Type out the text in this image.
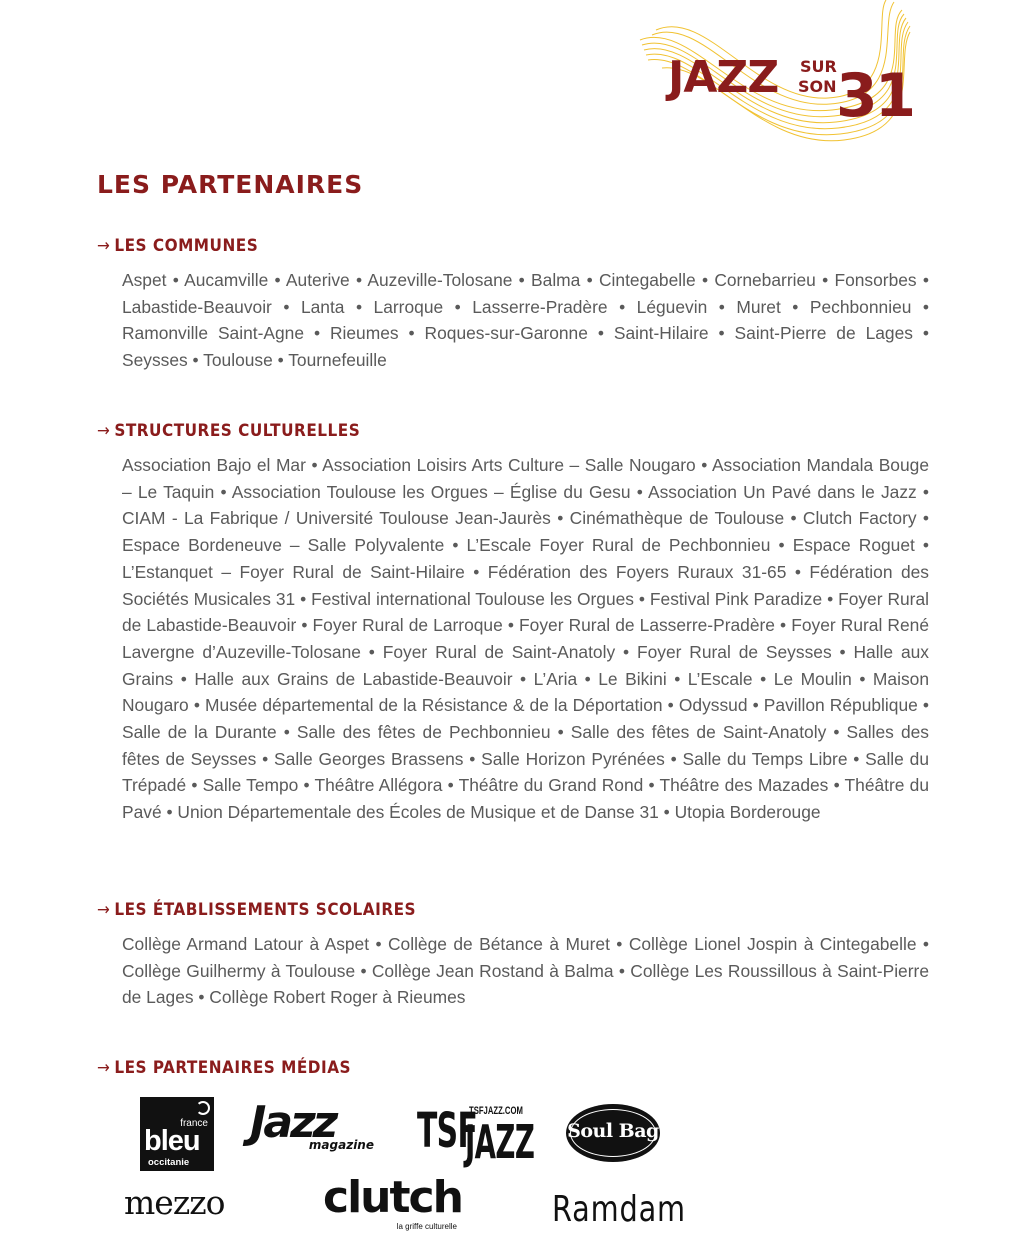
JAZZ SUR
SON 31
LES PARTENAIRES
→ LES COMMUNES

Aspet • Aucamville • Auterive • Auzeville-Tolosane • Balma • Cintegabelle • Cornebarrieu • Fonsorbes • Labastide-Beauvoir • Lanta • Larroque • Lasserre-Pradère • Léguevin • Muret • Pechbonnieu • Ramonville Saint-Agne • Rieumes • Roques-sur-Garonne • Saint-Hilaire • Saint-Pierre de Lages • Seysses • Toulouse • Tournefeuille

→ STRUCTURES CULTURELLES

Association Bajo el Mar • Association Loisirs Arts Culture – Salle Nougaro • Association Mandala Bouge – Le Taquin • Association Toulouse les Orgues – Église du Gesu • Association Un Pavé dans le Jazz • CIAM - La Fabrique / Université Toulouse Jean-Jaurès • Cinémathèque de Toulouse • Clutch Factory • Espace Bordeneuve – Salle Polyvalente • L’Escale Foyer Rural de Pechbonnieu • Espace Roguet • L’Estanquet – Foyer Rural de Saint-Hilaire • Fédération des Foyers Ruraux 31-65 • Fédération des Sociétés Musicales 31 • Festival international Toulouse les Orgues • Festival Pink Paradize • Foyer Rural de Labastide-Beauvoir • Foyer Rural de Larroque • Foyer Rural de Lasserre-Pradère • Foyer Rural René Lavergne d’Auzeville-Tolosane • Foyer Rural de Saint-Anatoly • Foyer Rural de Seysses • Halle aux Grains • Halle aux Grains de Labastide-Beauvoir • L’Aria • Le Bikini • L’Escale • Le Moulin • Maison Nougaro • Musée départemental de la Résistance & de la Déportation • Odyssud • Pavillon République • Salle de la Durante • Salle des fêtes de Pechbonnieu • Salle des fêtes de Saint-Anatoly • Salles des fêtes de Seysses • Salle Georges Brassens • Salle Horizon Pyrénées • Salle du Temps Libre • Salle du Trépadé • Salle Tempo • Théâtre Allégora • Théâtre du Grand Rond • Théâtre des Mazades • Théâtre du Pavé • Union Départementale des Écoles de Musique et de Danse 31 • Utopia Borderouge

→ LES ÉTABLISSEMENTS SCOLAIRES

Collège Armand Latour à Aspet • Collège de Bétance à Muret • Collège Lionel Jospin à Cintegabelle • Collège Guilhermy à Toulouse • Collège Jean Rostand à Balma • Collège Les Roussillous à Saint-Pierre de Lages • Collège Robert Roger à Rieumes

→ LES PARTENAIRES MÉDIAS
france
bleu
occitanie
Jazz
magazine TSF
TSFJAZZ.COM
JAZZ Soul Bag
mezzo	clutch
la griffe culturelle	Ramdam
